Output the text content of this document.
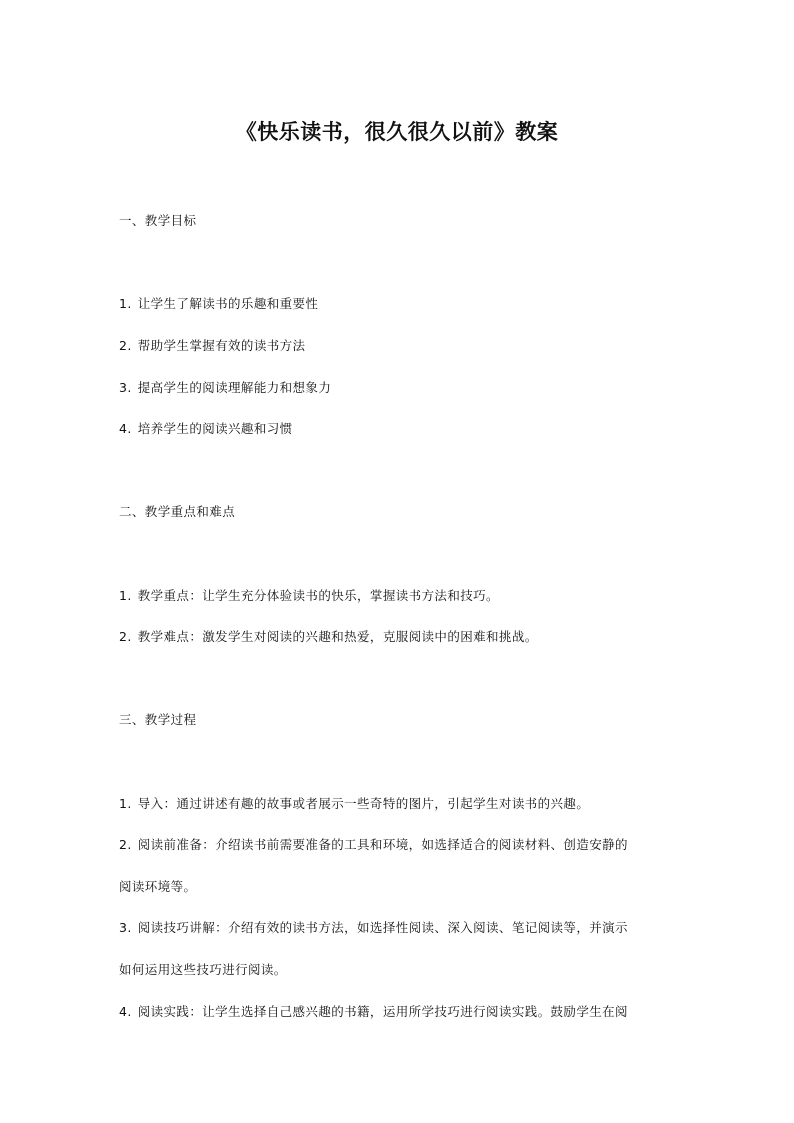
《快乐读书，很久很久以前》教案
一、教学目标
1. 让学生了解读书的乐趣和重要性
2. 帮助学生掌握有效的读书方法
3. 提高学生的阅读理解能力和想象力
4. 培养学生的阅读兴趣和习惯
二、教学重点和难点
1. 教学重点：让学生充分体验读书的快乐，掌握读书方法和技巧。
2. 教学难点：激发学生对阅读的兴趣和热爱，克服阅读中的困难和挑战。
三、教学过程
1. 导入：通过讲述有趣的故事或者展示一些奇特的图片，引起学生对读书的兴趣。
2. 阅读前准备：介绍读书前需要准备的工具和环境，如选择适合的阅读材料、创造安静的
阅读环境等。
3. 阅读技巧讲解：介绍有效的读书方法，如选择性阅读、深入阅读、笔记阅读等，并演示
如何运用这些技巧进行阅读。
4. 阅读实践：让学生选择自己感兴趣的书籍，运用所学技巧进行阅读实践。鼓励学生在阅
